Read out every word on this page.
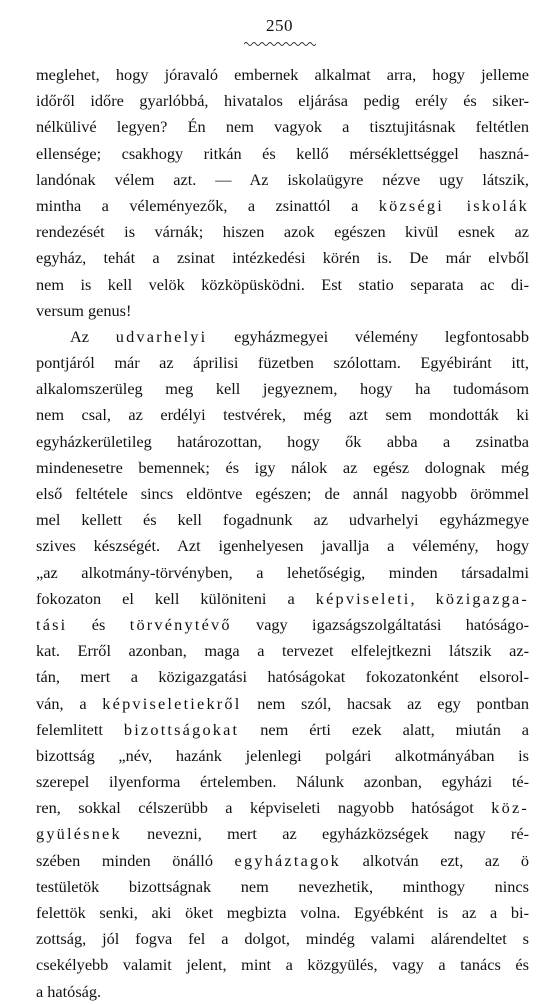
250
meglehet, hogy jóravaló embernek alkalmat arra, hogy jelleme
időről időre gyarlóbbá, hivatalos eljárása pedig erély és siker-
nélkülivé legyen? Én nem vagyok a tisztujitásnak feltétlen
ellensége; csakhogy ritkán és kellő mérséklettséggel haszná-
landónak vélem azt. — Az iskolaügyre nézve ugy látszik,
mintha a véleményezők, a zsinattól a községi iskolák
rendezését is várnák; hiszen azok egészen kivül esnek az
egyház, tehát a zsinat intézkedési körén is. De már elvből
nem is kell velök közköpüsködni. Est statio separata ac di-
versum genus!
Az udvarhelyi egyházmegyei vélemény legfontosabb
pontjáról már az áprilisi füzetben szólottam. Egyébiránt itt,
alkalomszerüleg meg kell jegyeznem, hogy ha tudomásom
nem csal, az erdélyi testvérek, még azt sem mondották ki
egyházkerületileg határozottan, hogy ők abba a zsinatba
mindenesetre bemennek; és igy nálok az egész dolognak még
első feltétele sincs eldöntve egészen; de annál nagyobb örömmel
mel kellett és kell fogadnunk az udvarhelyi egyházmegye
szives készségét. Azt igenhelyesen javallja a vélemény, hogy
„az alkotmány-törvényben, a lehetőségig, minden társadalmi
fokozaton el kell különiteni a képviseleti, közigazga-
tási és törvénytévő vagy igazságszolgáltatási hatóságo-
kat. Erről azonban, maga a tervezet elfelejtkezni látszik az-
tán, mert a közigazgatási hatóságokat fokozatonként elsorol-
ván, a képviseletiekről nem szól, hacsak az egy pontban
felemlitett bizottságokat nem érti ezek alatt, miután a
bizottság „név, hazánk jelenlegi polgári alkotmányában is
szerepel ilyenforma értelemben. Nálunk azonban, egyházi té-
ren, sokkal célszerübb a képviseleti nagyobb hatóságot köz-
gyülésnek nevezni, mert az egyházközségek nagy ré-
szében minden önálló egyháztagok alkotván ezt, az ö
testületök bizottságnak nem nevezhetik, minthogy nincs
felettök senki, aki öket megbizta volna. Egyébként is az a bi-
zottság, jól fogva fel a dolgot, mindég valami alárendeltet s
csekélyebb valamit jelent, mint a közgyülés, vagy a tanács és
a hatóság.
